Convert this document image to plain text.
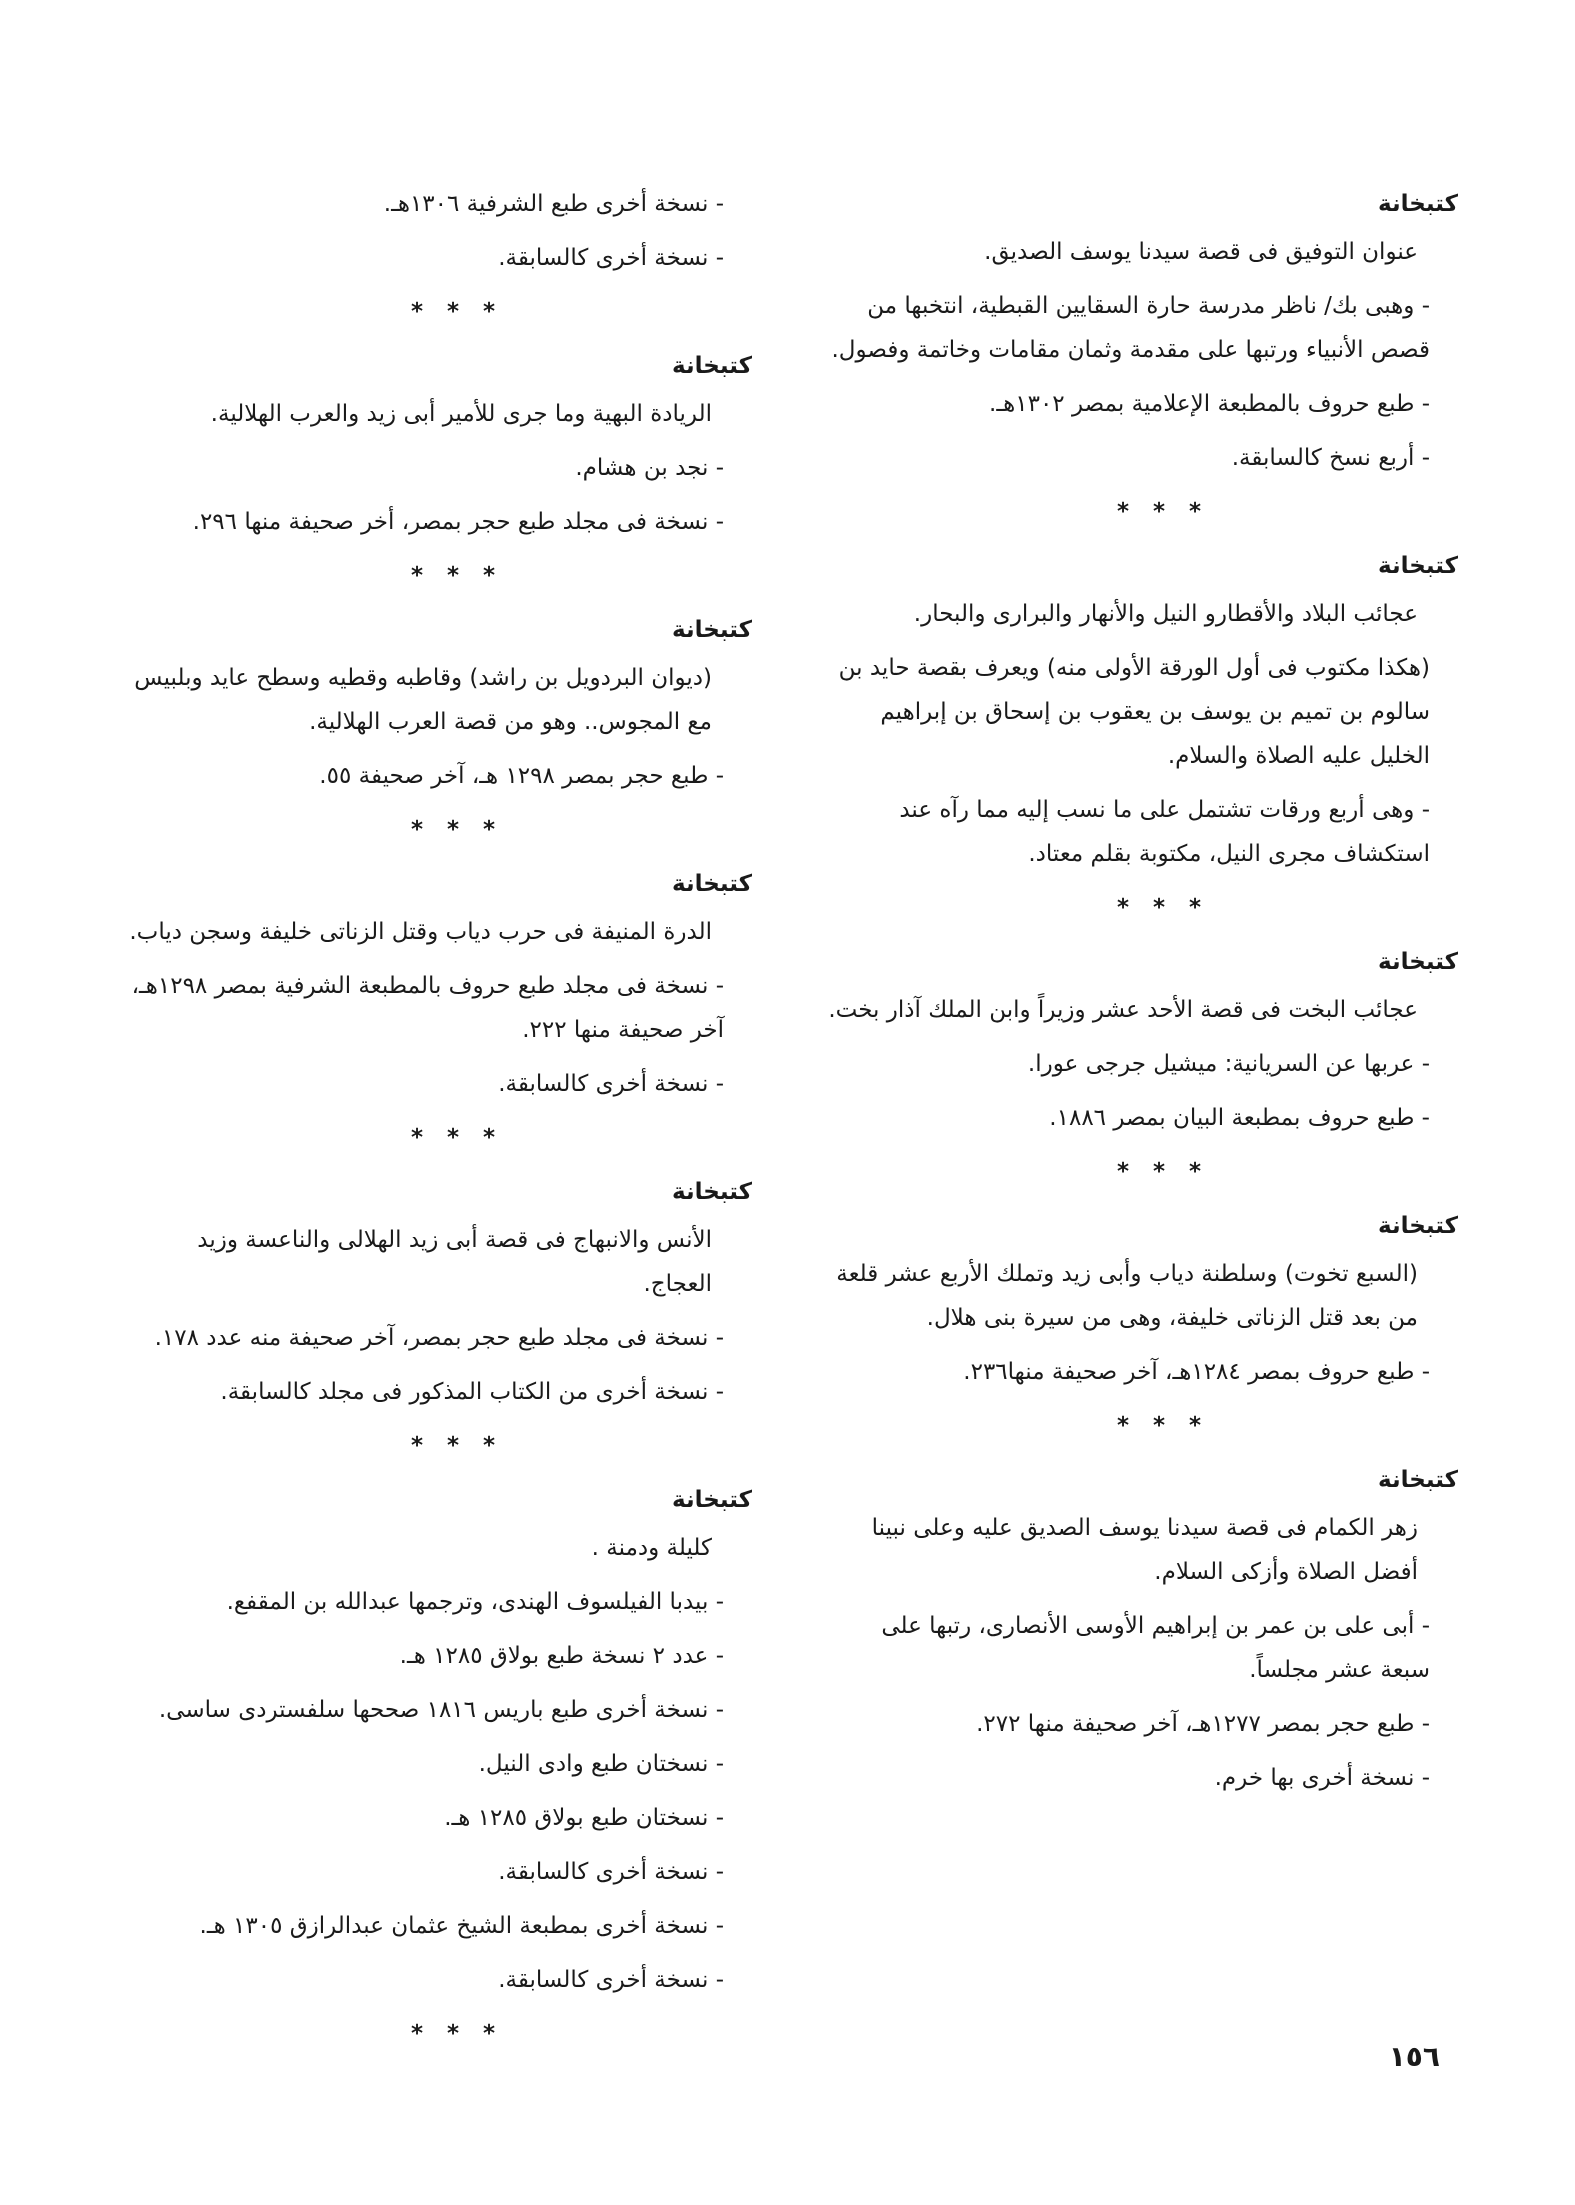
كتبخانة
عنوان التوفيق فى قصة سيدنا يوسف الصديق.
- وهبى بك/ ناظر مدرسة حارة السقايين القبطية، انتخبها من قصص الأنبياء ورتبها على مقدمة وثمان مقامات وخاتمة وفصول.
- طبع حروف بالمطبعة الإعلامية بمصر ١٣٠٢هـ.
- أربع نسخ كالسابقة.
* * *
كتبخانة
عجائب البلاد والأقطارو النيل والأنهار والبرارى والبحار.
(هكذا مكتوب فى أول الورقة الأولى منه) ويعرف بقصة حايد بن سالوم بن تميم بن يوسف بن يعقوب بن إسحاق بن إبراهيم الخليل عليه الصلاة والسلام.
- وهى أربع ورقات تشتمل على ما نسب إليه مما رآه عند استكشاف مجرى النيل، مكتوبة بقلم معتاد.
* * *
كتبخانة
عجائب البخت فى قصة الأحد عشر وزيراً وابن الملك آذار بخت.
- عربها عن السريانية: ميشيل جرجى عورا.
- طبع حروف بمطبعة البيان بمصر ١٨٨٦.
* * *
كتبخانة
(السبع تخوت) وسلطنة دياب وأبى زيد وتملك الأربع عشر قلعة من بعد قتل الزناتى خليفة، وهى من سيرة بنى هلال.
- طبع حروف بمصر ١٢٨٤هـ، آخر صحيفة منها٢٣٦.
* * *
كتبخانة
زهر الكمام فى قصة سيدنا يوسف الصديق عليه وعلى نبينا أفضل الصلاة وأزكى السلام.
- أبى على بن عمر بن إبراهيم الأوسى الأنصارى، رتبها على سبعة عشر مجلساً.
- طبع حجر بمصر ١٢٧٧هـ، آخر صحيفة منها ٢٧٢.
- نسخة أخرى بها خرم.
- نسخة أخرى طبع الشرفية ١٣٠٦هـ.
- نسخة أخرى كالسابقة.
* * *
كتبخانة
الريادة البهية وما جرى للأمير أبى زيد والعرب الهلالية.
- نجد بن هشام.
- نسخة فى مجلد طبع حجر بمصر، أخر صحيفة منها ٢٩٦.
* * *
كتبخانة
(ديوان البردويل بن راشد) وقاطبه وقطيه وسطح عايد وبلبيس مع المجوس.. وهو من قصة العرب الهلالية.
- طبع حجر بمصر ١٢٩٨ هـ، آخر صحيفة ٥٥.
* * *
كتبخانة
الدرة المنيفة فى حرب دياب وقتل الزناتى خليفة وسجن دياب.
- نسخة فى مجلد طبع حروف بالمطبعة الشرفية بمصر ١٢٩٨هـ، آخر صحيفة منها ٢٢٢.
- نسخة أخرى كالسابقة.
* * *
كتبخانة
الأنس والانبهاج فى قصة أبى زيد الهلالى والناعسة وزيد العجاج.
- نسخة فى مجلد طبع حجر بمصر، آخر صحيفة منه عدد ١٧٨.
- نسخة أخرى من الكتاب المذكور فى مجلد كالسابقة.
* * *
كتبخانة
كليلة ودمنة .
- بيدبا الفيلسوف الهندى، وترجمها عبدالله بن المقفع.
- عدد ٢ نسخة طبع بولاق ١٢٨٥ هـ.
- نسخة أخرى طبع باريس ١٨١٦ صححها سلفستردى ساسى.
- نسختان طبع وادى النيل.
- نسختان طبع بولاق ١٢٨٥ هـ.
- نسخة أخرى كالسابقة.
- نسخة أخرى بمطبعة الشيخ عثمان عبدالرازق ١٣٠٥ هـ.
- نسخة أخرى كالسابقة.
* * *
١٥٦
